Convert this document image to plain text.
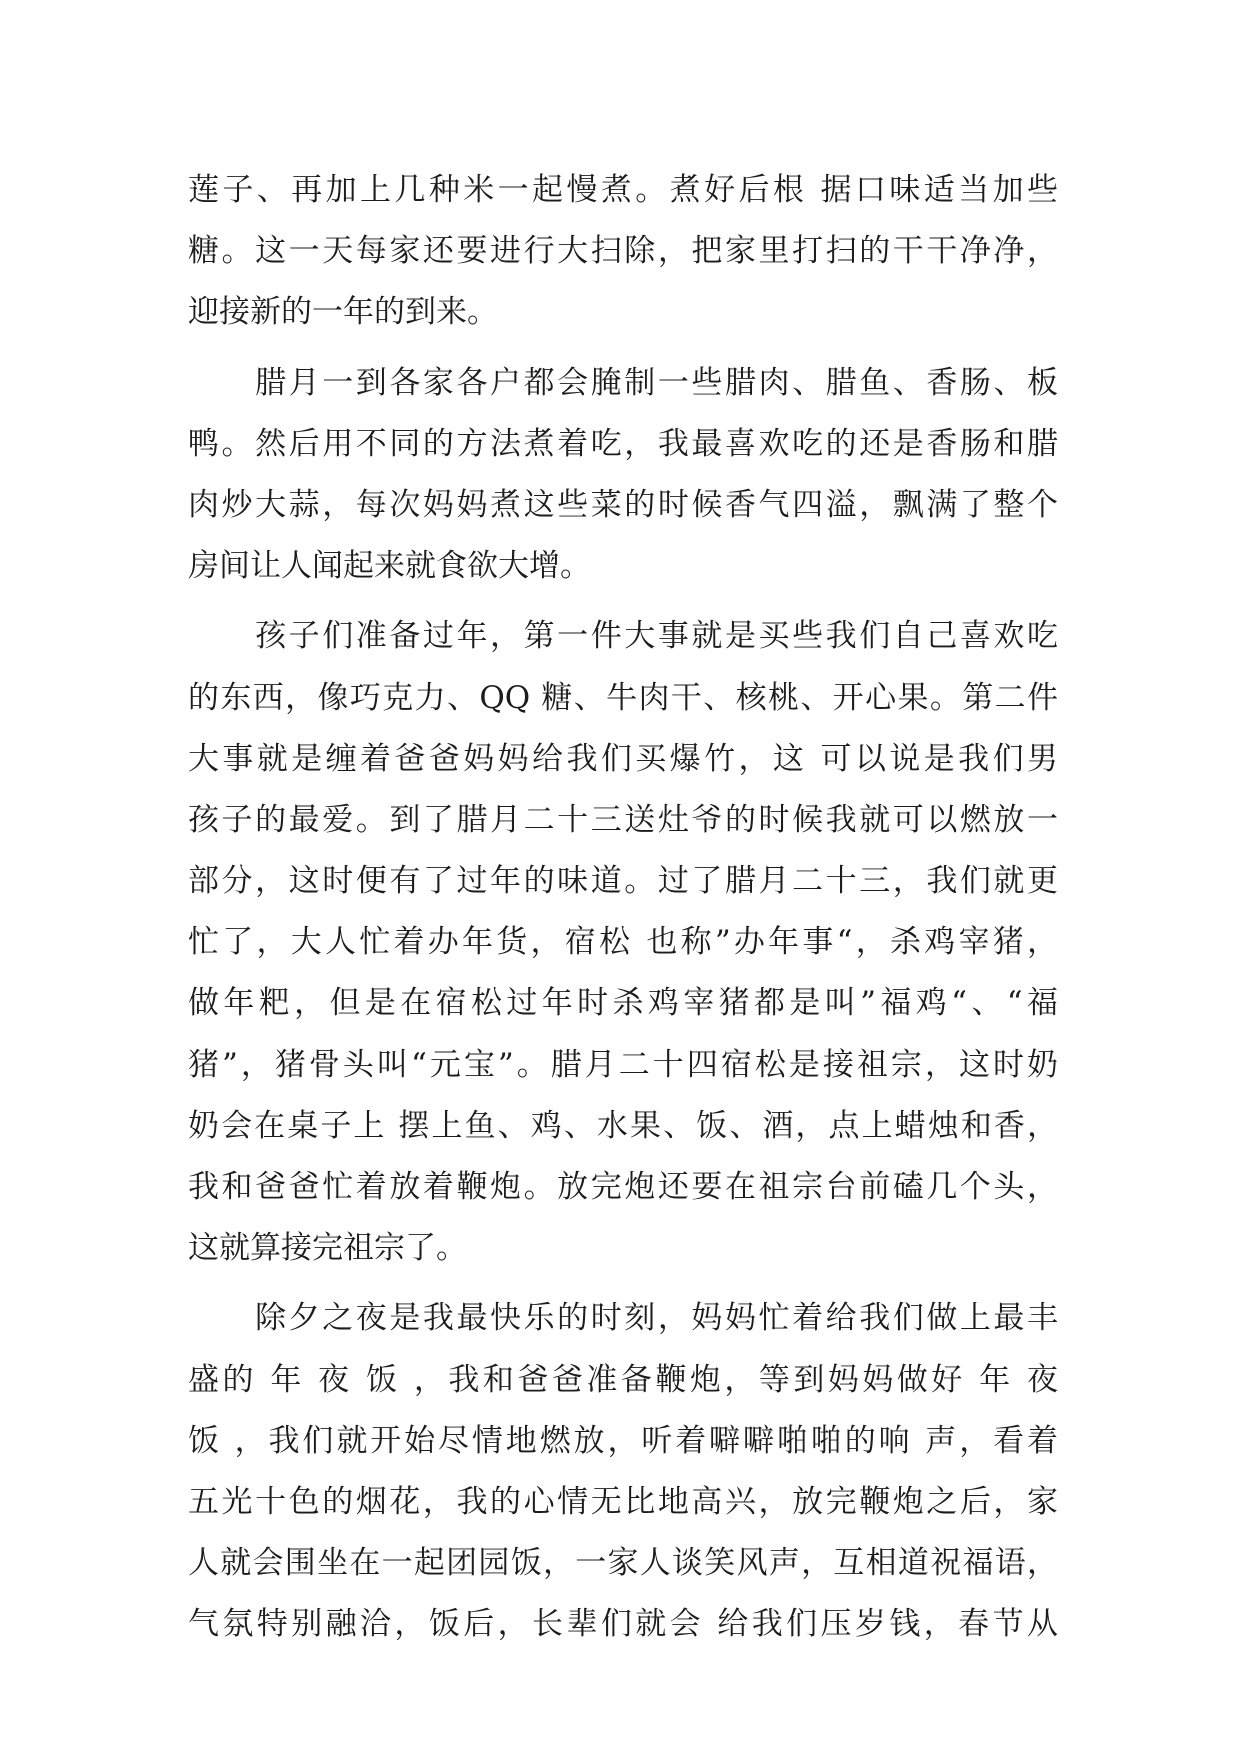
莲子、再加上几种米一起慢煮。煮好后根 据口味适当加些
糖。这一天每家还要进行大扫除，把家里打扫的干干净净，
迎接新的一年的到来。
　　腊月一到各家各户都会腌制一些腊肉、腊鱼、香肠、板
鸭。然后用不同的方法煮着吃，我最喜欢吃的还是香肠和腊
肉炒大蒜，每次妈妈煮这些菜的时候香气四溢，飘满了整个
房间让人闻起来就食欲大增。
　　孩子们准备过年，第一件大事就是买些我们自己喜欢吃
的东西，像巧克力、QQ 糖、牛肉干、核桃、开心果。第二件
大事就是缠着爸爸妈妈给我们买爆竹，这 可以说是我们男
孩子的最爱。到了腊月二十三送灶爷的时候我就可以燃放一
部分，这时便有了过年的味道。过了腊月二十三，我们就更
忙了，大人忙着办年货，宿松 也称”办年事“，杀鸡宰猪，
做年粑，但是在宿松过年时杀鸡宰猪都是叫”福鸡“、“福
猪”，猪骨头叫“元宝”。腊月二十四宿松是接祖宗，这时奶
奶会在桌子上 摆上鱼、鸡、水果、饭、酒，点上蜡烛和香，
我和爸爸忙着放着鞭炮。放完炮还要在祖宗台前磕几个头，
这就算接完祖宗了。
　　除夕之夜是我最快乐的时刻，妈妈忙着给我们做上最丰
盛的 年 夜 饭 ，我和爸爸准备鞭炮，等到妈妈做好 年 夜
饭 ，我们就开始尽情地燃放，听着噼噼啪啪的响 声，看着
五光十色的烟花，我的心情无比地高兴，放完鞭炮之后，家
人就会围坐在一起团园饭，一家人谈笑风声，互相道祝福语，
气氛特别融洽，饭后，长辈们就会 给我们压岁钱，春节从
